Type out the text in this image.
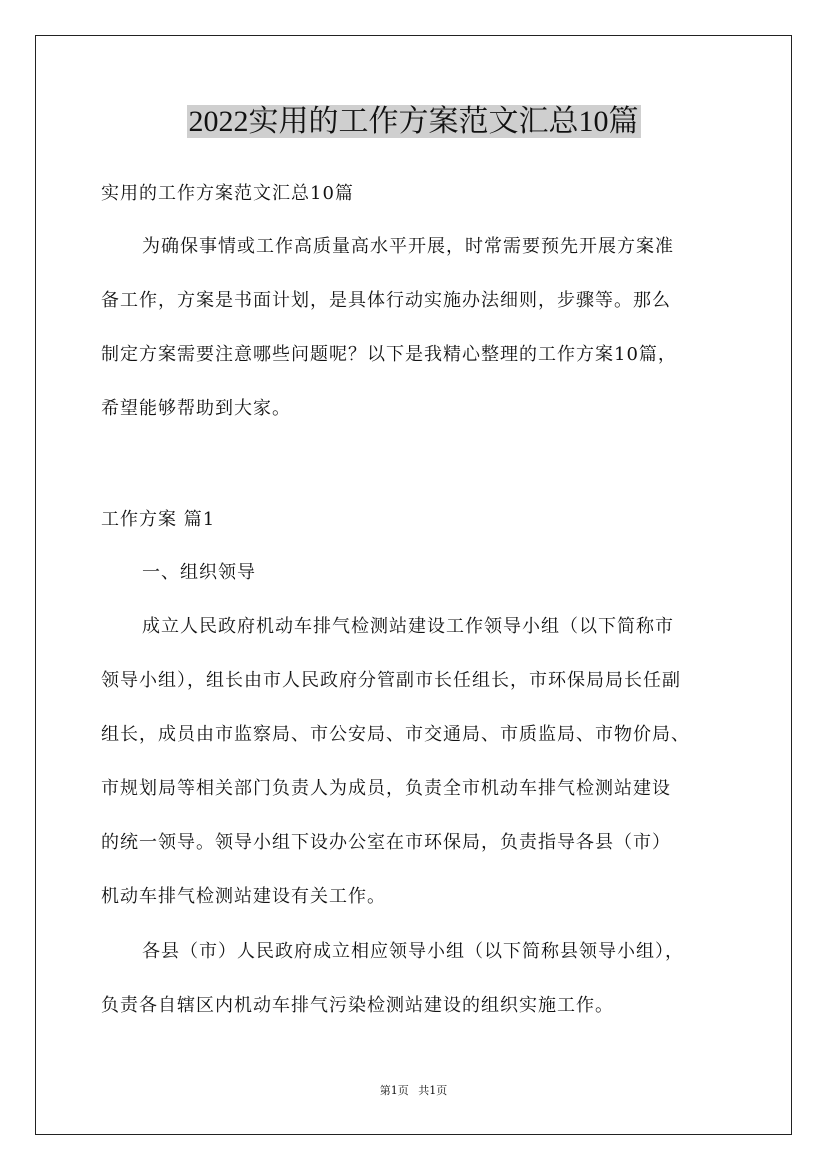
2022实用的工作方案范文汇总10篇

实用的工作方案范文汇总10篇

为确保事情或工作高质量高水平开展，时常需要预先开展方案准

备工作，方案是书面计划，是具体行动实施办法细则，步骤等。那么

制定方案需要注意哪些问题呢？以下是我精心整理的工作方案10篇，

希望能够帮助到大家。

工作方案 篇1

一、组织领导

成立人民政府机动车排气检测站建设工作领导小组（以下简称市

领导小组），组长由市人民政府分管副市长任组长，市环保局局长任副

组长，成员由市监察局、市公安局、市交通局、市质监局、市物价局、

市规划局等相关部门负责人为成员，负责全市机动车排气检测站建设

的统一领导。领导小组下设办公室在市环保局，负责指导各县（市）

机动车排气检测站建设有关工作。

各县（市）人民政府成立相应领导小组（以下简称县领导小组），

负责各自辖区内机动车排气污染检测站建设的组织实施工作。

第1页 共1页
